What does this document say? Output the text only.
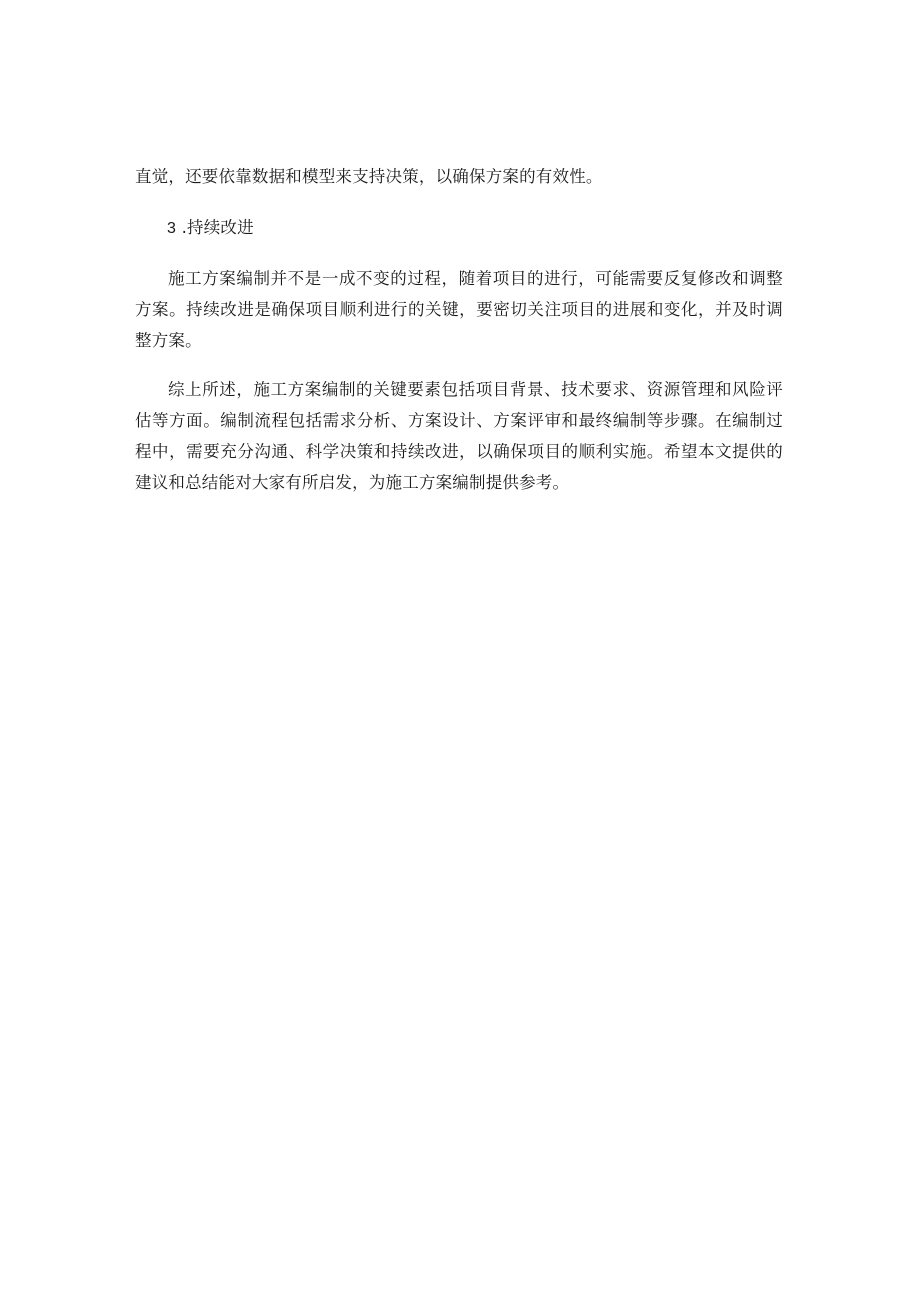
直觉，还要依靠数据和模型来支持决策，以确保方案的有效性。

3 .持续改进

施工方案编制并不是一成不变的过程，随着项目的进行，可能需要反复修改和调整方案。持续改进是确保项目顺利进行的关键，要密切关注项目的进展和变化，并及时调整方案。

综上所述，施工方案编制的关键要素包括项目背景、技术要求、资源管理和风险评估等方面。编制流程包括需求分析、方案设计、方案评审和最终编制等步骤。在编制过程中，需要充分沟通、科学决策和持续改进，以确保项目的顺利实施。希望本文提供的建议和总结能对大家有所启发，为施工方案编制提供参考。
